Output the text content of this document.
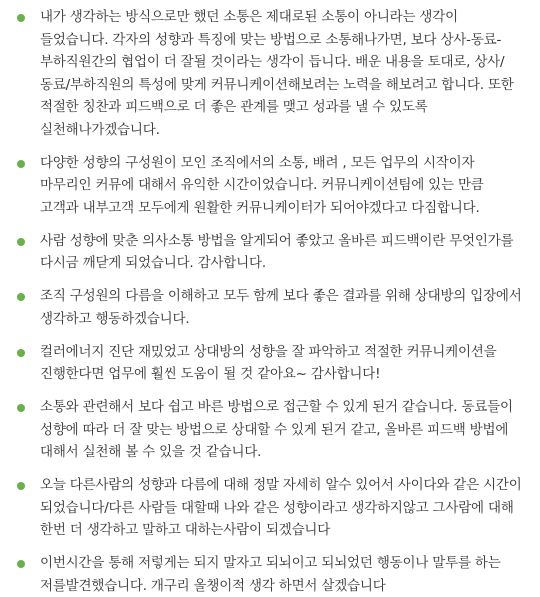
내가 생각하는 방식으로만 했던 소통은 제대로된 소통이 아니라는 생각이 들었습니다. 각자의 성향과 특징에 맞는 방법으로 소통해나가면, 보다 상사-동료-부하직원간의 협업이 더 잘될 것이라는 생각이 듭니다. 배운 내용을 토대로, 상사/동료/부하직원의 특성에 맞게 커뮤니케이션해보려는 노력을 해보려고 합니다. 또한 적절한 칭찬과 피드백으로 더 좋은 관계를 맺고 성과를 낼 수 있도록 실천해나가겠습니다.
다양한 성향의 구성원이 모인 조직에서의 소통, 배려 , 모든 업무의 시작이자 마무리인 커뮤에 대해서 유익한 시간이었습니다. 커뮤니케이션팀에 있는 만큼 고객과 내부고객 모두에게 원활한 커뮤니케이터가 되어야겠다고 다짐합니다.
사람 성향에 맞춘 의사소통 방법을 알게되어 좋았고 올바른 피드백이란 무엇인가를 다시금 깨닫게 되었습니다. 감사합니다.
조직 구성원의 다름을 이해하고 모두 함께 보다 좋은 결과를 위해 상대방의 입장에서 생각하고 행동하겠습니다.
컬러에너지 진단 재밌었고 상대방의 성향을 잘 파악하고 적절한 커뮤니케이션을 진행한다면 업무에 훨씬 도움이 될 것 같아요~ 감사합니다!
소통와 관련해서 보다 쉽고 바른 방법으로 접근할 수 있게 된거 같습니다. 동료들이 성향에 따라 더 잘 맞는 방법으로 상대할 수 있게 된거 같고, 올바른 피드백 방법에 대해서 실천해 볼 수 있을 것 같습니다.
오늘 다른사람의 성향과 다름에 대해 정말 자세히 알수 있어서 사이다와 같은 시간이 되었습니다/다른 사람들 대할때 나와 같은 성향이라고 생각하지않고 그사람에 대해 한번 더 생각하고 말하고 대하는사람이 되겠습니다
이번시간을 통해 저렇게는 되지 말자고 되뇌이고 되뇌었던 행동이나 말투를 하는 저를발견했습니다. 개구리 올챙이적 생각 하면서 살겠습니다
